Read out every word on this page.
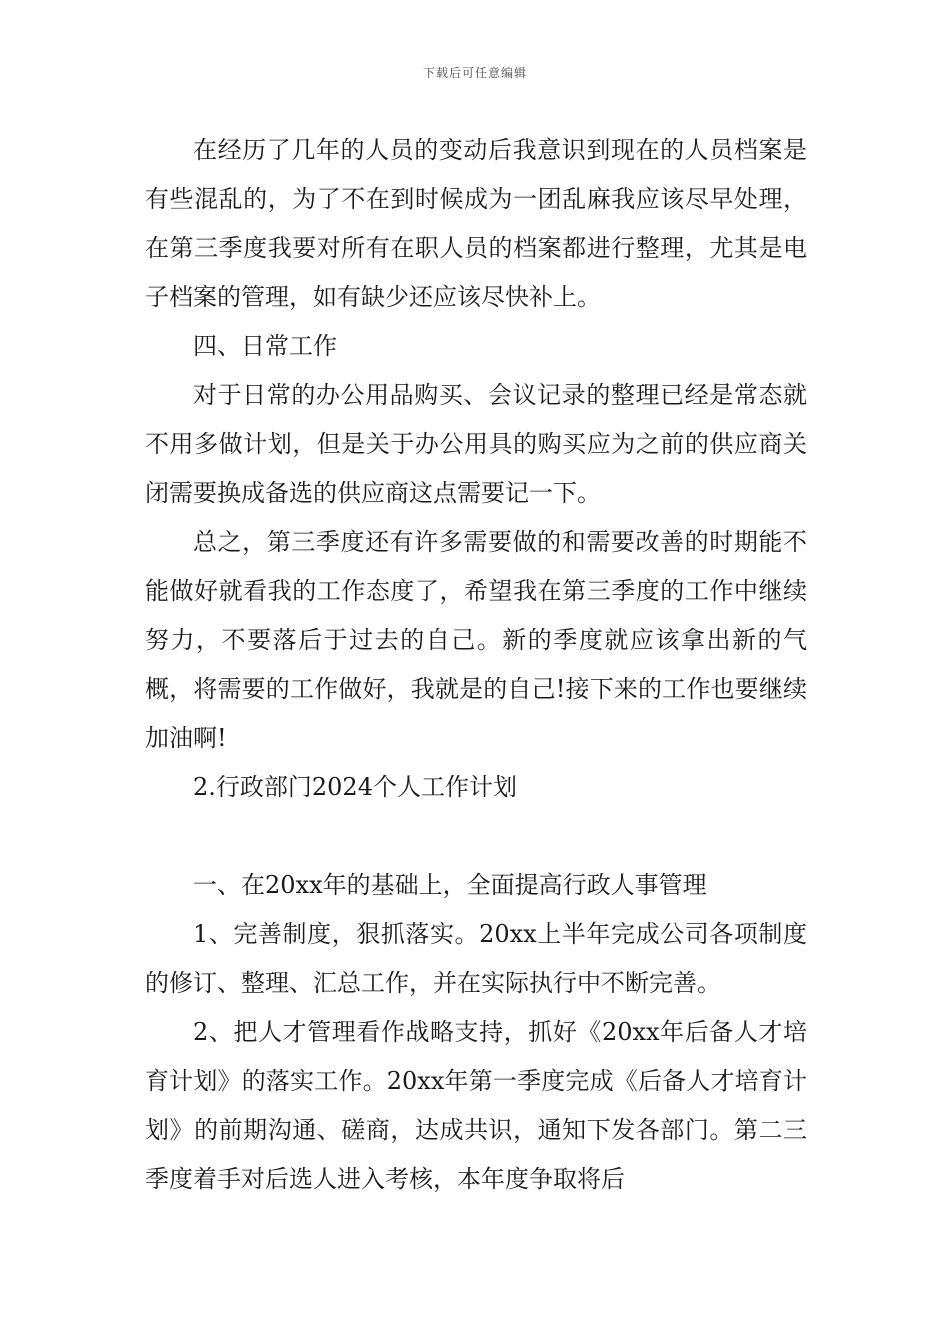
下载后可任意编辑

在经历了几年的人员的变动后我意识到现在的人员档案是有些混乱的，为了不在到时候成为一团乱麻我应该尽早处理，在第三季度我要对所有在职人员的档案都进行整理，尤其是电子档案的管理，如有缺少还应该尽快补上。

四、日常工作

对于日常的办公用品购买、会议记录的整理已经是常态就不用多做计划，但是关于办公用具的购买应为之前的供应商关闭需要换成备选的供应商这点需要记一下。

总之，第三季度还有许多需要做的和需要改善的时期能不能做好就看我的工作态度了，希望我在第三季度的工作中继续努力，不要落后于过去的自己。新的季度就应该拿出新的气概，将需要的工作做好，我就是的自己!接下来的工作也要继续加油啊!

2.行政部门2024个人工作计划

一、在20xx年的基础上，全面提高行政人事管理

1、完善制度，狠抓落实。20xx上半年完成公司各项制度的修订、整理、汇总工作，并在实际执行中不断完善。

2、把人才管理看作战略支持，抓好《20xx年后备人才培育计划》的落实工作。20xx年第一季度完成《后备人才培育计划》的前期沟通、磋商，达成共识，通知下发各部门。第二三季度着手对后选人进入考核，本年度争取将后
